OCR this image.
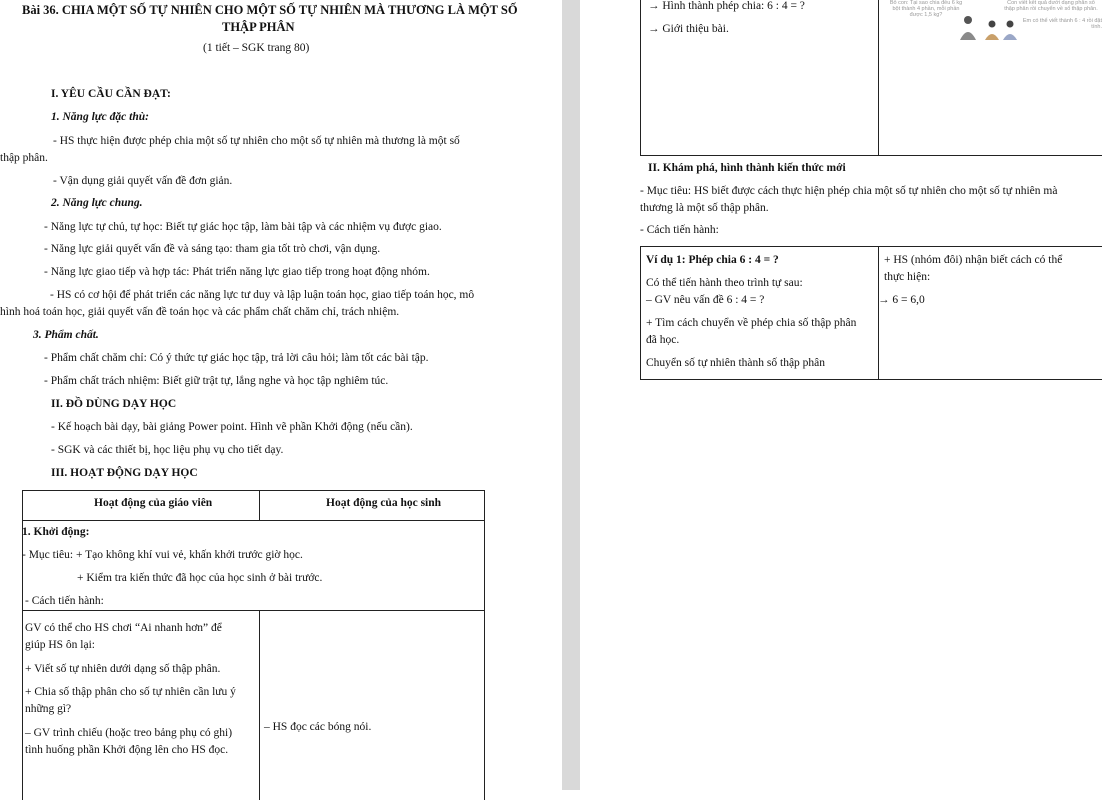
Bài 36. CHIA MỘT SỐ TỰ NHIÊN CHO MỘT SỐ TỰ NHIÊN MÀ THƯƠNG LÀ MỘT SỐ
THẬP PHÂN
(1 tiết – SGK trang 80)
I. YÊU CẦU CẦN ĐẠT:
1. Năng lực đặc thù:
- HS thực hiện được phép chia một số tự nhiên cho một số tự nhiên mà thương là một số
thập phân.
- Vận dụng giải quyết vấn đề đơn giản.
2. Năng lực chung.
- Năng lực tự chủ, tự học: Biết tự giác học tập, làm bài tập và các nhiệm vụ được giao.
- Năng lực giải quyết vấn đề và sáng tạo: tham gia tốt trò chơi, vận dụng.
- Năng lực giao tiếp và hợp tác: Phát triển năng lực giao tiếp trong hoạt động nhóm.
- HS có cơ hội để phát triển các năng lực tư duy và lập luận toán học, giao tiếp toán học, mô
hình hoá toán học, giải quyết vấn đề toán học và các phẩm chất chăm chỉ, trách nhiệm.
3. Phẩm chất.
- Phẩm chất chăm chỉ: Có ý thức tự giác học tập, trả lời câu hỏi; làm tốt các bài tập.
- Phẩm chất trách nhiệm: Biết giữ trật tự, lắng nghe và học tập nghiêm túc.
II. ĐỒ DÙNG DẠY HỌC
- Kế hoạch bài dạy, bài giảng Power point. Hình vẽ phần Khởi động (nếu cần).
- SGK và các thiết bị, học liệu phụ vụ cho tiết dạy.
III. HOẠT ĐỘNG DẠY HỌC
Hoạt động của giáo viên	Hoạt động của học sinh
1. Khởi động:
- Mục tiêu: + Tạo không khí vui vẻ, khấn khởi trước giờ học.
+ Kiểm tra kiến thức đã học của học sinh ở bài trước.
- Cách tiến hành:
GV có thể cho HS chơi “Ai nhanh hơn” để
giúp HS ôn lại:
+ Viết số tự nhiên dưới dạng số thập phân.
+ Chia số thập phân cho số tự nhiên cần lưu ý
những gì?
– GV trình chiếu (hoặc treo bảng phụ có ghi)
tình huống phần Khởi động lên cho HS đọc.
– HS đọc các bóng nói.
→ Hình thành phép chia: 6 : 4 = ?
→ Giới thiệu bài.
Bố con: Tại sao chia đều 6 kg bột thành 4 phần, mỗi phần được 1,5 kg?
Con viết kết quả dưới dạng phân số thập phân rồi chuyển về số thập phân.
Em có thể viết thành 6 : 4 rồi đặt tính.
II. Khám phá, hình thành kiến thức mới
- Mục tiêu: HS biết được cách thực hiện phép chia một số tự nhiên cho một số tự nhiên mà
thương là một số thập phân.
- Cách tiến hành:
Ví dụ 1: Phép chia 6 : 4 = ?
Có thể tiến hành theo trình tự sau:
– GV nêu vấn đề 6 : 4 = ?
+ Tìm cách chuyển về phép chia số thập phân
đã học.
Chuyển số tự nhiên thành số thập phân
+ HS (nhóm đôi) nhận biết cách có thể
thực hiện:
→ 6 = 6,0
